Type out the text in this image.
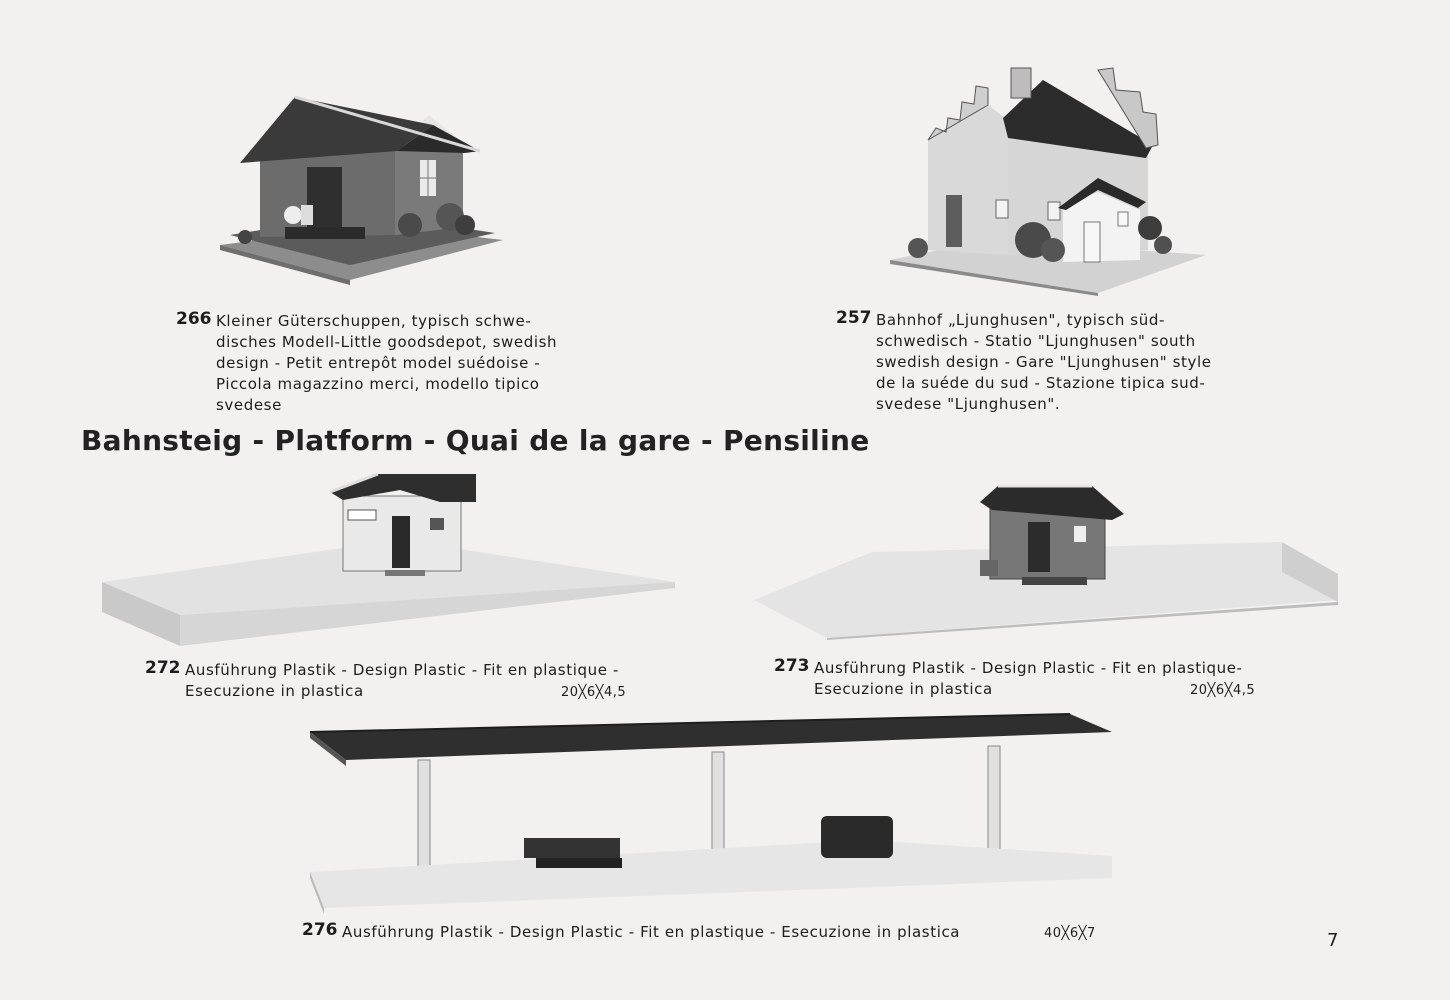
266 Kleiner Güterschuppen, typisch schwe-
disches Modell-Little goodsdepot, swedish
design - Petit entrepôt model suédoise -
Piccola magazzino merci, modello tipico
svedese
257 Bahnhof „Ljunghusen", typisch süd-
schwedisch - Statio "Ljunghusen" south
swedish design - Gare "Ljunghusen" style
de la suéde du sud - Stazione tipica sud-
svedese "Ljunghusen".
Bahnsteig - Platform - Quai de la gare - Pensiline
272 Ausführung Plastik - Design Plastic - Fit en plastique -
Esecuzione in plastica	20╳6╳4,5
273 Ausführung Plastik - Design Plastic - Fit en plastique-
Esecuzione in plastica	20╳6╳4,5
276 Ausführung Plastik - Design Plastic - Fit en plastique - Esecuzione in plastica	40╳6╳7	7
